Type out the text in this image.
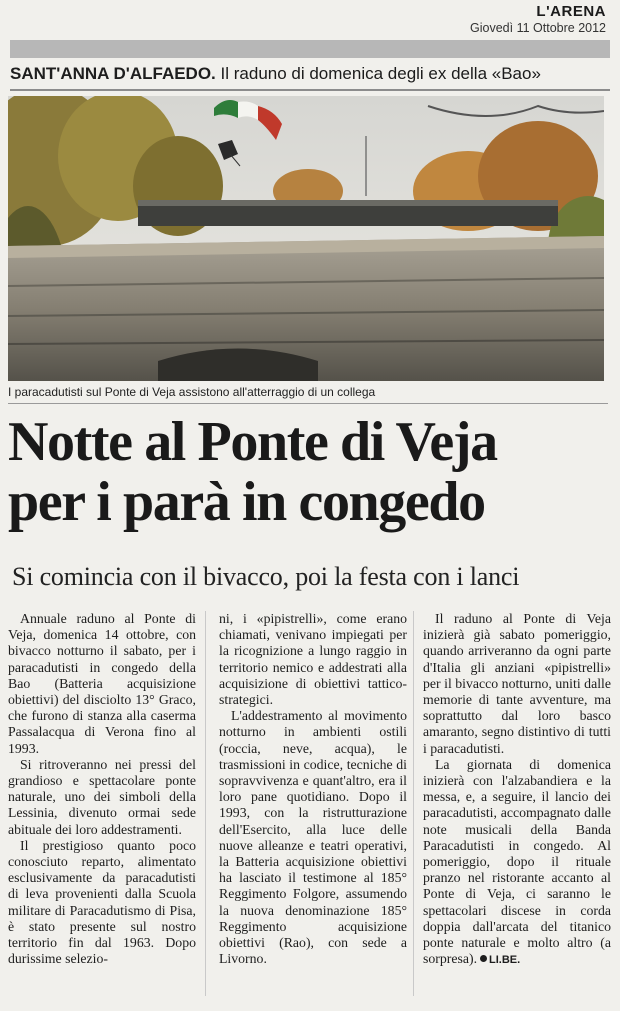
L'ARENA
Giovedì 11 Ottobre 2012
SANT'ANNA D'ALFAEDO. Il raduno di domenica degli ex della «Bao»
I paracadutisti sul Ponte di Veja assistono all'atterraggio di un collega
Notte al Ponte di Veja
per i parà in congedo
Si comincia con il bivacco, poi la festa con i lanci

Annuale raduno al Ponte di Veja, domenica 14 ottobre, con bivacco notturno il sabato, per i paracadutisti in congedo della Bao (Batteria acquisizione obiettivi) del disciolto 13° Graco, che furono di stanza alla caserma Passalacqua di Verona fino al 1993.

Si ritroveranno nei pressi del grandioso e spettacolare ponte naturale, uno dei simboli della Lessinia, divenuto ormai sede abituale dei loro addestramenti.

Il prestigioso quanto poco conosciuto reparto, alimentato esclusivamente da paracadutisti di leva provenienti dalla Scuola militare di Paracadutismo di Pisa, è stato presente sul nostro territorio fin dal 1963. Dopo durissime selezio-

ni, i «pipistrelli», come erano chiamati, venivano impiegati per la ricognizione a lungo raggio in territorio nemico e addestrati alla acquisizione di obiettivi tattico-strategici.

L'addestramento al movimento notturno in ambienti ostili (roccia, neve, acqua), le trasmissioni in codice, tecniche di sopravvivenza e quant'altro, era il loro pane quotidiano. Dopo il 1993, con la ristrutturazione dell'Esercito, alla luce delle nuove alleanze e teatri operativi, la Batteria acquisizione obiettivi ha lasciato il testimone al 185° Reggimento Folgore, assumendo la nuova denominazione 185° Reggimento acquisizione obiettivi (Rao), con sede a Livorno.

Il raduno al Ponte di Veja inizierà già sabato pomeriggio, quando arriveranno da ogni parte d'Italia gli anziani «pipistrelli» per il bivacco notturno, uniti dalle memorie di tante avventure, ma soprattutto dal loro basco amaranto, segno distintivo di tutti i paracadutisti.

La giornata di domenica inizierà con l'alzabandiera e la messa, e, a seguire, il lancio dei paracadutisti, accompagnato dalle note musicali della Banda Paracadutisti in congedo. Al pomeriggio, dopo il rituale pranzo nel ristorante accanto al Ponte di Veja, ci saranno le spettacolari discese in corda doppia dall'arcata del titanico ponte naturale e molto altro (a sorpresa). LI.BE.
